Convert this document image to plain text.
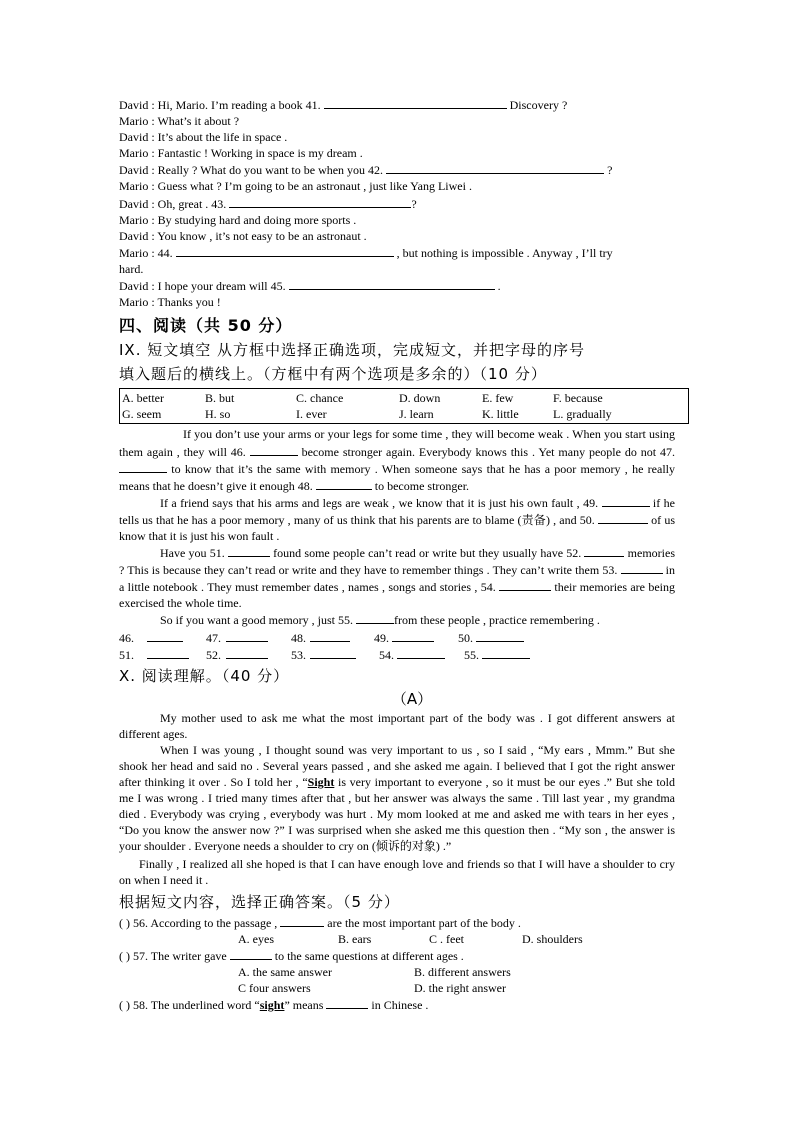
David : Hi, Mario. I’m reading a book 41.	Discovery ?
Mario : What’s it about ?
David : It’s about the life in space .
Mario : Fantastic ! Working in space is my dream .
David : Really ? What do you want to be when you 42.	?
Mario : Guess what ? I’m going to be an astronaut , just like Yang Liwei .
David : Oh, great . 43.	?
Mario : By studying hard and doing more sports .
David : You know , it’s not easy to be an astronaut .
Mario : 44.	, but nothing is impossible . Anyway , I’ll try
hard.
David : I hope your dream will 45.	.
Mario : Thanks you !
四、阅读（共 50 分）
IX. 短文填空 从方框中选择正确选项，完成短文，并把字母的序号
填入题后的横线上。（方框中有两个选项是多余的）（10 分）
A. better	B. but	C. chance	D. down	E. few	F. because
G. seem	H. so	I. ever	J. learn	K. little	L. gradually
If you don’t use your arms or your legs for some time , they will become weak . When you start using them again , they will 46.	become stronger again. Everybody knows this . Yet many people do not 47.  to know that it’s the same with memory . When someone says that he has a poor memory , he really means that he doesn’t give it enough 48.	to become stronger.
If a friend says that his arms and legs are weak , we know that it is just his own fault , 49.	if he tells us that he has a poor memory , many of us think that his parents are to blame (责备) , and 50.	of us know that it is just his won fault .
Have you 51.	found some people can’t read or write but they usually have 52.	memories ? This is because they can’t read or write and they have to remember things . They can’t write them 53.	in a little notebook . They must remember dates , names , songs and stories , 54.	their memories are being exercised the whole time.
So if you want a good memory , just 55.	from these people , practice remembering .
46.	47.	48.	49.	50.
51.	52.	53.	54.	55.
X. 阅读理解。（40 分）
（A）
My mother used to ask me what the most important part of the body was . I got different answers at different ages.
When I was young , I thought sound was very important to us , so I said , “My ears , Mmm.” But she shook her head and said no . Several years passed , and she asked me again. I believed that I got the right answer after thinking it over . So I told her , “Sight is very important to everyone , so it must be our eyes .” But she told me I was wrong . I tried many times after that , but her answer was always the same . Till last year , my grandma died . Everybody was crying , everybody was hurt . My mom looked at me and asked me with tears in her eyes , “Do you know the answer now ?” I was surprised when she asked me this question then . “My son , the answer is your shoulder . Everyone needs a shoulder to cry on (倾诉的对象) .”
Finally , I realized all she hoped is that I can have enough love and friends so that I will have a shoulder to cry on when I need it .
根据短文内容，选择正确答案。（5 分）
( ) 56. According to the passage ,	are the most important part of the body .
A. eyes	B. ears	C . feet	D. shoulders
( ) 57. The writer gave	to the same questions at different ages .
A. the same answer	B. different answers
C four answers	D. the right answer
( ) 58. The underlined word “sight” means	in Chinese .
